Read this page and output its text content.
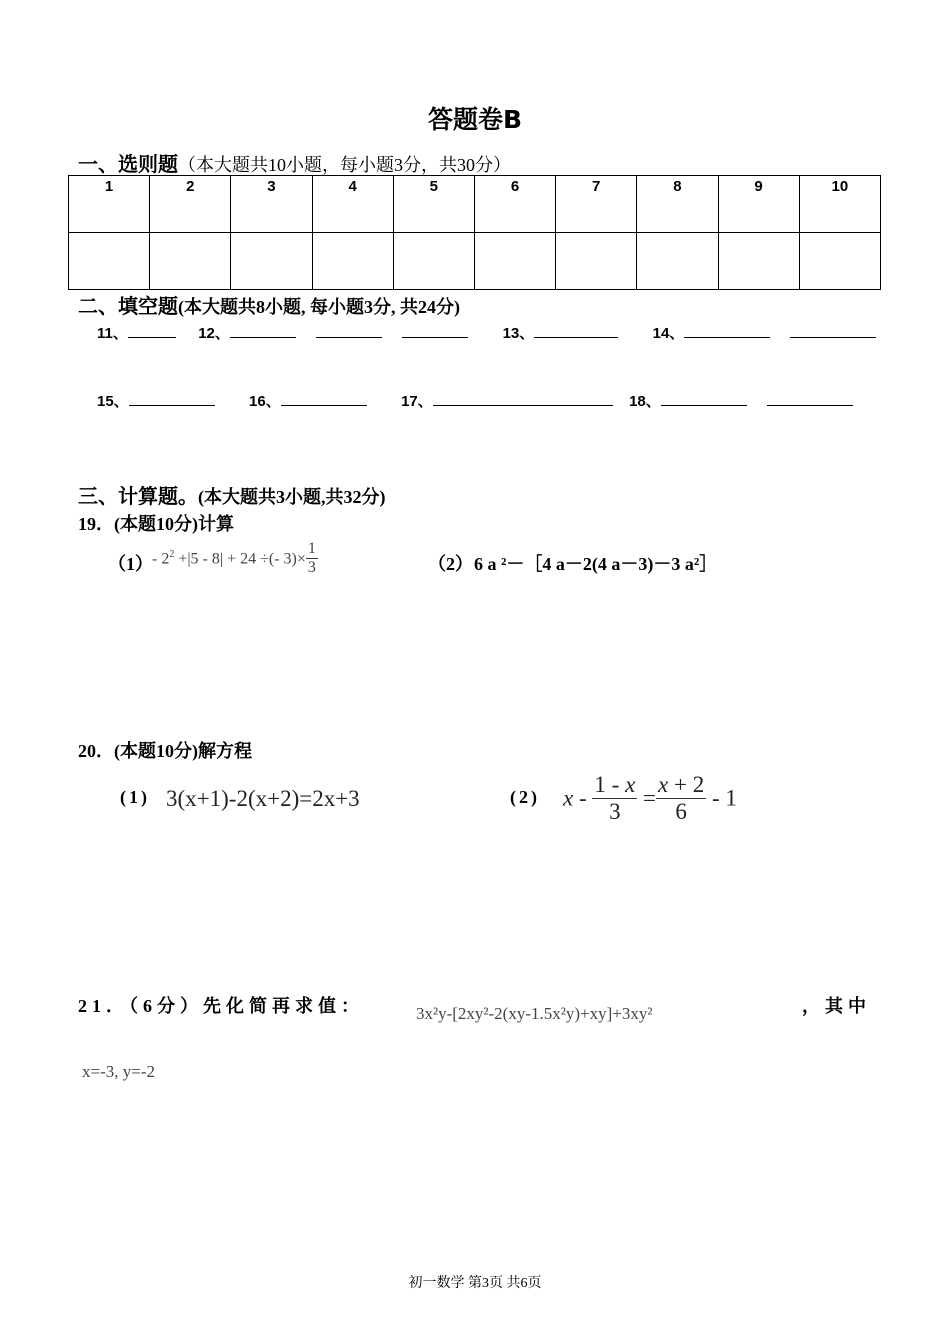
答题卷B
一、选则题（本大题共10小题，每小题3分，共30分）
1	2	3	4	5	6	7	8	9	10

二、填空题(本大题共8小题, 每小题3分, 共24分)
11、	12、	13、	14、
15、	16、	17、	18、
三、计算题。(本大题共3小题,共32分)
19．(本题10分)计算
$(1) - 2^2 +|5 - 8| + 24$ ÷(- $3)\times \frac{1}{3}$	（2） 6 a ²－［4 a－2(4 a－3)－3 a²］
20．(本题10分)解方程
(1) 3(x+1)-2(x+2)=2x+3	(2) $x - \frac{1 - x}{3} = \frac{x + 2}{6} - 1$
21．（6分）先化简再求值：	3x²y-[2xy²-2(xy-1.5x²y)+xy]+3xy²	，其中
x=-3, y=-2
初一数学 第3页 共6页
